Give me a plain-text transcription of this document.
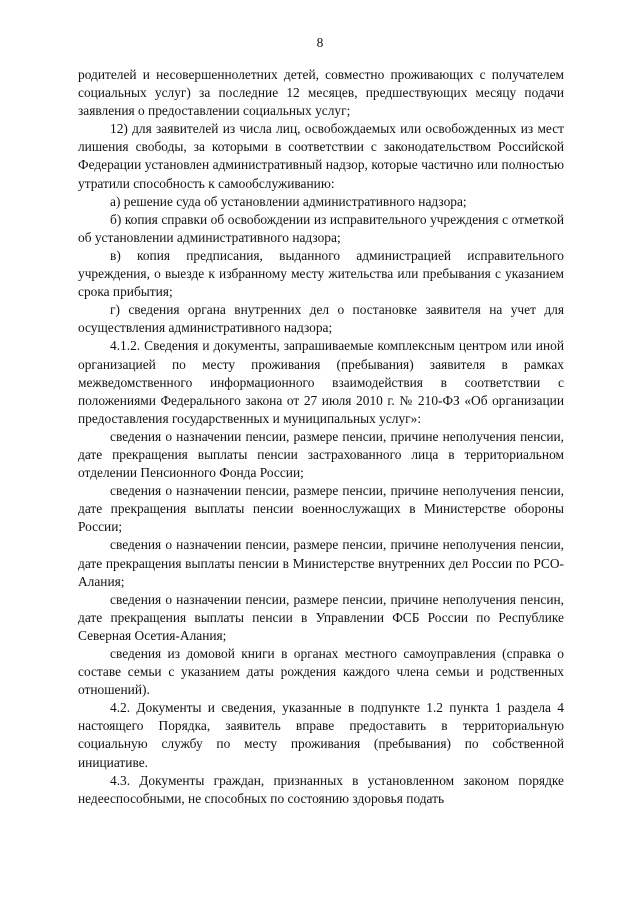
8

родителей и несовершеннолетних детей, совместно проживающих с получателем социальных услуг) за последние 12 месяцев, предшествующих месяцу подачи заявления о предоставлении социальных услуг;

12) для заявителей из числа лиц, освобождаемых или освобожденных из мест лишения свободы, за которыми в соответствии с законодательством Российской Федерации установлен административный надзор, которые частично или полностью утратили способность к самообслуживанию:

а) решение суда об установлении административного надзора;

б) копия справки об освобождении из исправительного учреждения с отметкой об установлении административного надзора;

в) копия предписания, выданного администрацией исправительного учреждения, о выезде к избранному месту жительства или пребывания с указанием срока прибытия;

г) сведения органа внутренних дел о постановке заявителя на учет для осуществления административного надзора;

4.1.2. Сведения и документы, запрашиваемые комплексным центром или иной организацией по месту проживания (пребывания) заявителя в рамках межведомственного информационного взаимодействия в соответствии с положениями Федерального закона от 27 июля 2010 г. № 210-ФЗ «Об организации предоставления государственных и муниципальных услуг»:

сведения о назначении пенсии, размере пенсии, причине неполучения пенсии, дате прекращения выплаты пенсии застрахованного лица в территориальном отделении Пенсионного Фонда России;

сведения о назначении пенсии, размере пенсии, причине неполучения пенсии, дате прекращения выплаты пенсии военнослужащих в Министерстве обороны России;

сведения о назначении пенсии, размере пенсии, причине неполучения пенсии, дате прекращения выплаты пенсии в Министерстве внутренних дел России по РСО-Алания;

сведения о назначении пенсии, размере пенсии, причине неполучения пенсин, дате прекращения выплаты пенсии в Управлении ФСБ России по Республике Северная Осетия-Алания;

сведения из домовой книги в органах местного самоуправления (справка о составе семьи с указанием даты рождения каждого члена семьи и родственных отношений).

4.2. Документы и сведения, указанные в подпункте 1.2 пункта 1 раздела 4 настоящего Порядка, заявитель вправе предоставить в территориальную социальную службу по месту проживания (пребывания) по собственной инициативе.

4.3. Документы граждан, признанных в установленном законом порядке недееспособными, не способных по состоянию здоровья подать
